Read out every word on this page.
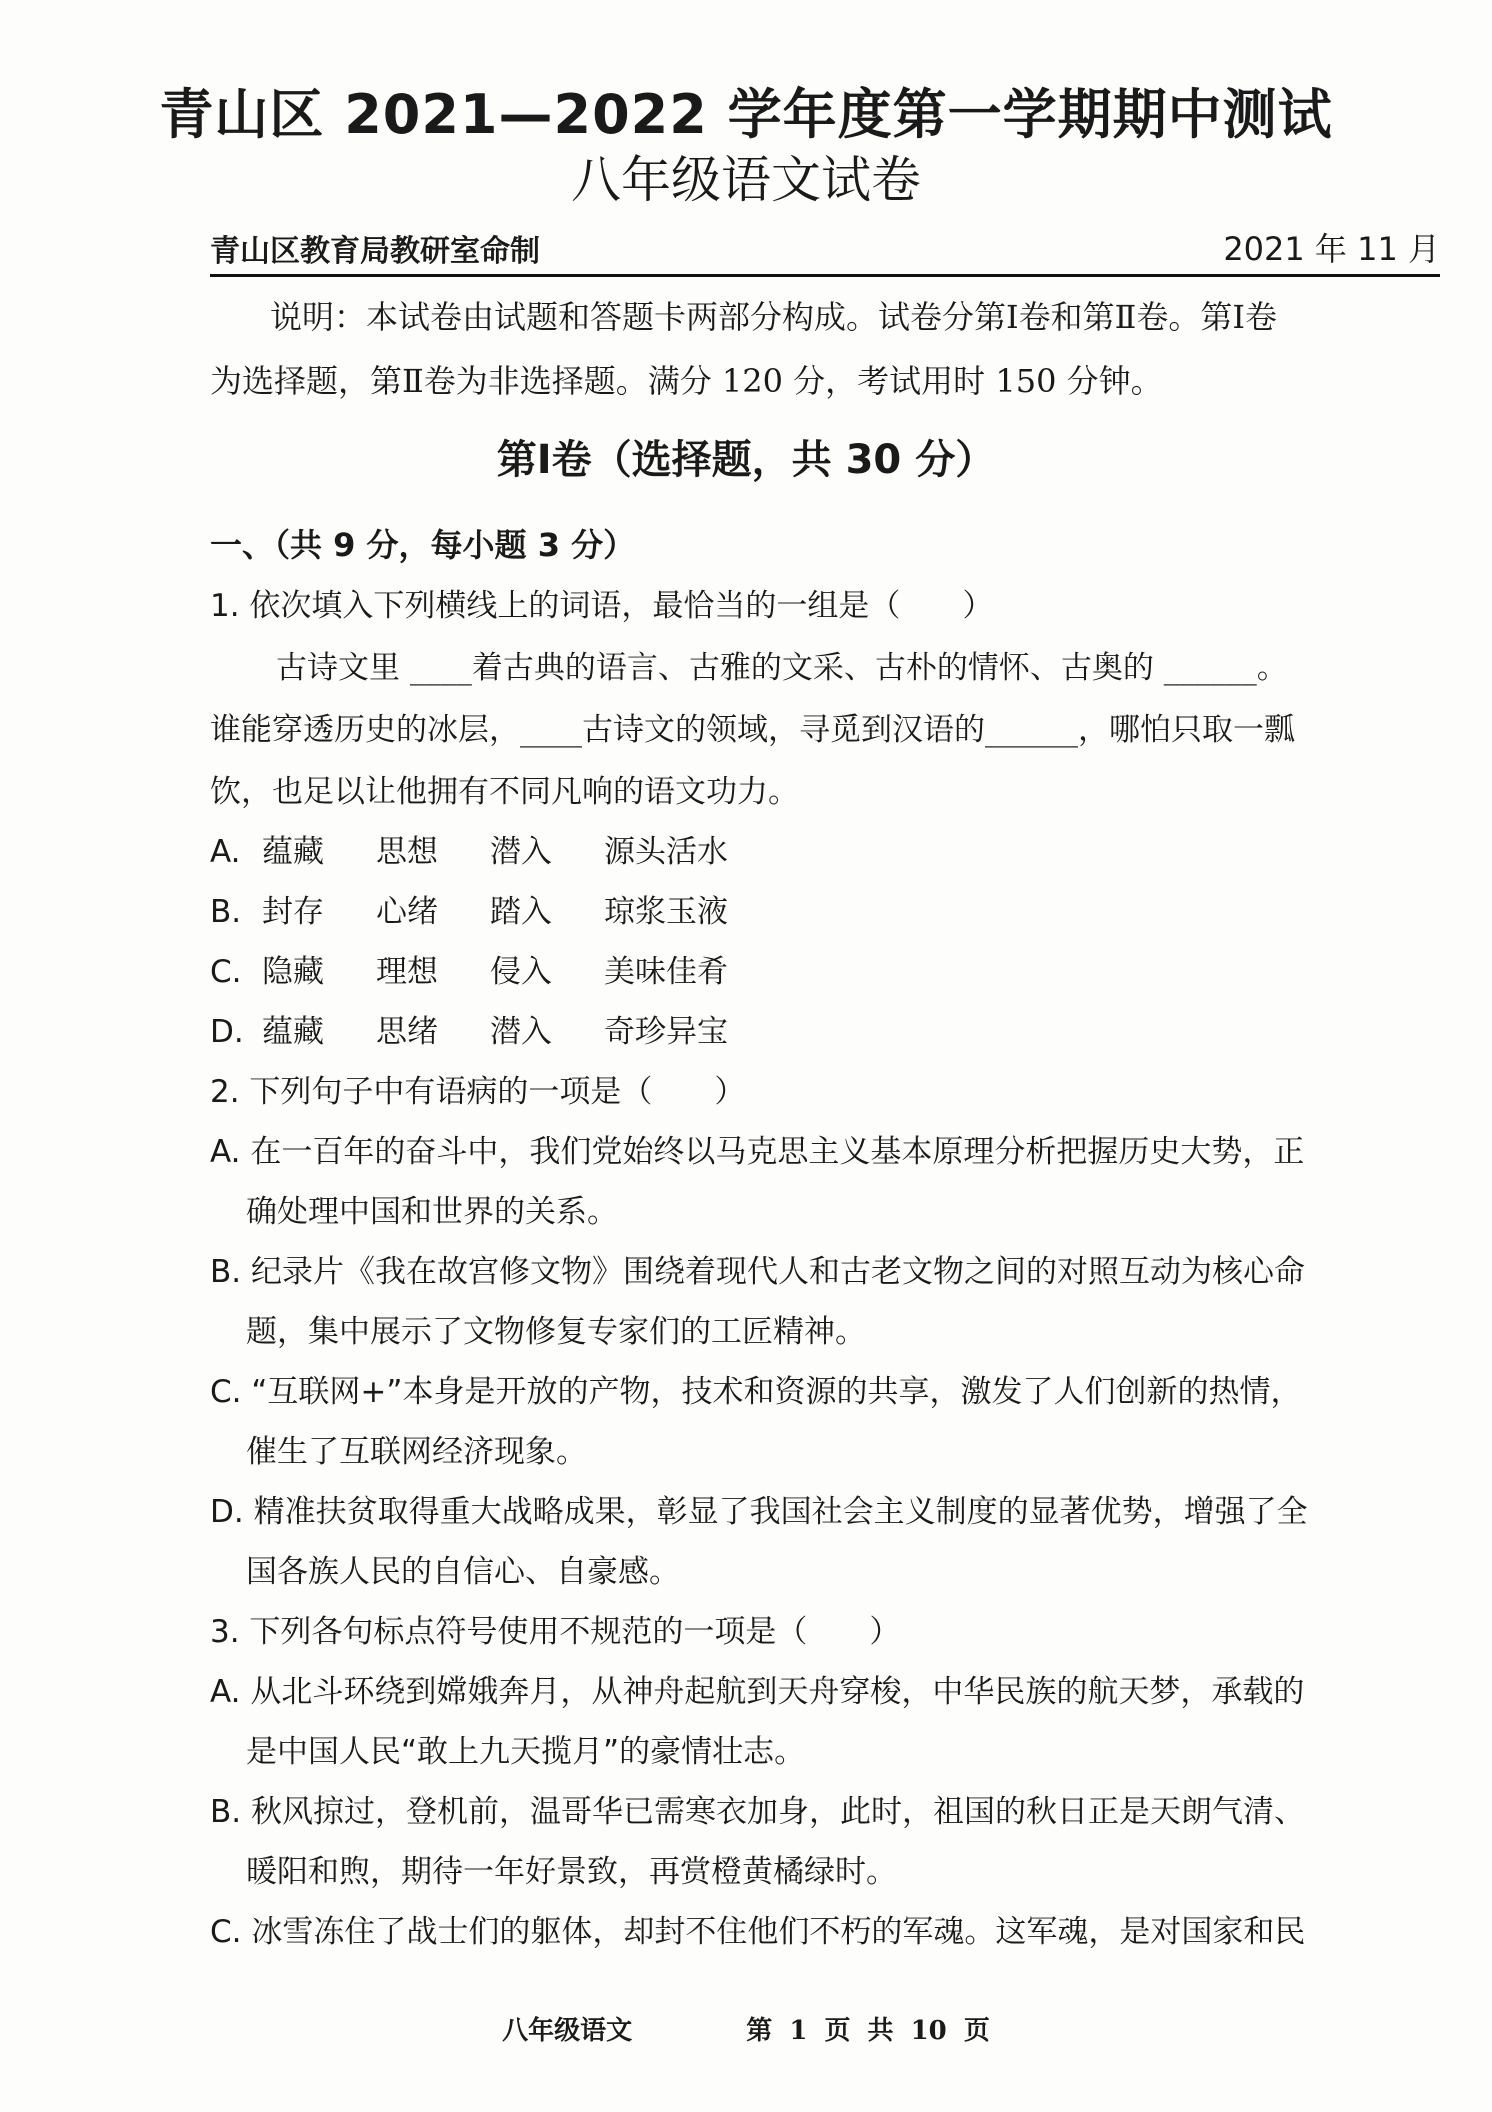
青山区 2021—2022 学年度第一学期期中测试
八年级语文试卷
青山区教育局教研室命制	2021 年 11 月
说明：本试卷由试题和答题卡两部分构成。试卷分第Ⅰ卷和第Ⅱ卷。第Ⅰ卷
为选择题，第Ⅱ卷为非选择题。满分 120 分，考试用时 150 分钟。
第Ⅰ卷（选择题，共 30 分）
一、（共 9 分，每小题 3 分）
1. 依次填入下列横线上的词语，最恰当的一组是（　　）
古诗文里 ____着古典的语言、古雅的文采、古朴的情怀、古奥的 ______。
谁能穿透历史的冰层，____古诗文的领域，寻觅到汉语的______，哪怕只取一瓢
饮，也足以让他拥有不同凡响的语文功力。
A. 蕴藏 思想 潜入 源头活水
B. 封存 心绪 踏入 琼浆玉液
C. 隐藏 理想 侵入 美味佳肴
D. 蕴藏 思绪 潜入 奇珍异宝
2. 下列句子中有语病的一项是（　　）
A. 在一百年的奋斗中，我们党始终以马克思主义基本原理分析把握历史大势，正
确处理中国和世界的关系。
B. 纪录片《我在故宫修文物》围绕着现代人和古老文物之间的对照互动为核心命
题，集中展示了文物修复专家们的工匠精神。
C. “互联网+”本身是开放的产物，技术和资源的共享，激发了人们创新的热情，
催生了互联网经济现象。
D. 精准扶贫取得重大战略成果，彰显了我国社会主义制度的显著优势，增强了全
国各族人民的自信心、自豪感。
3. 下列各句标点符号使用不规范的一项是（　　）
A. 从北斗环绕到嫦娥奔月，从神舟起航到天舟穿梭，中华民族的航天梦，承载的
是中国人民“敢上九天揽月”的豪情壮志。
B. 秋风掠过，登机前，温哥华已需寒衣加身，此时，祖国的秋日正是天朗气清、
暖阳和煦，期待一年好景致，再赏橙黄橘绿时。
C. 冰雪冻住了战士们的躯体，却封不住他们不朽的军魂。这军魂，是对国家和民
八年级语文	第 1 页 共 10 页
